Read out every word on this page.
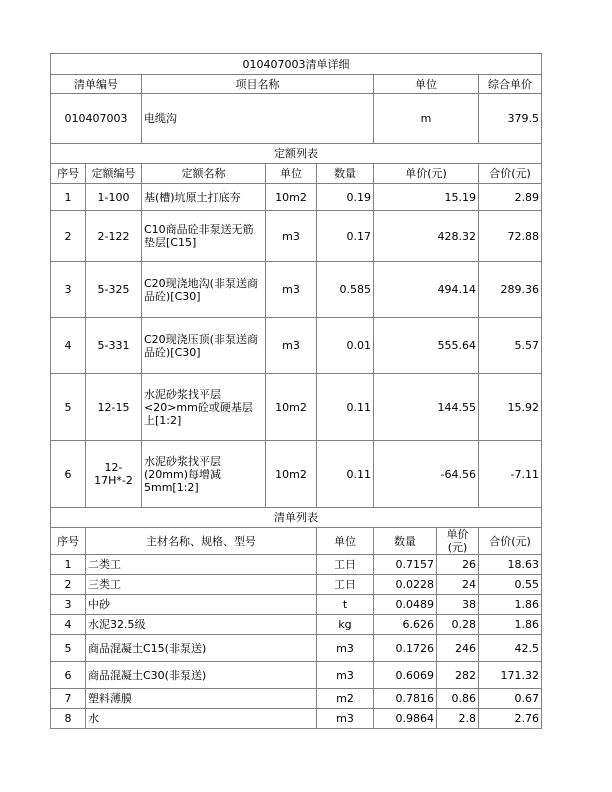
010407003清单详细							
清单编号		项目名称			单位		综合单价
010407003		电缆沟			m		379.5
定额列表							
序号	定额编号	定额名称	单位	数量	单价(元)		合价(元)
1	1-100	基(槽)坑原土打底夯	10m2	0.19	15.19		2.89
2	2-122	C10商品砼非泵送无筋垫层[C15]	m3	0.17	428.32		72.88
3	5-325	C20现浇地沟(非泵送商品砼)[C30]	m3	0.585	494.14		289.36
4	5-331	C20现浇压顶(非泵送商品砼)[C30]	m3	0.01	555.64		5.57
5	12-15	水泥砂浆找平层<20>mm砼或硬基层上[1:2]	10m2	0.11	144.55		15.92
6	12-17H*-2	水泥砂浆找平层(20mm)每增减5mm[1:2]	10m2	0.11	-64.56		-7.11
清单列表							
序号	主材名称、规格、型号			单位	数量	单价(元)	合价(元)
1	二类工			工日	0.7157	26	18.63
2	三类工			工日	0.0228	24	0.55
3	中砂			t	0.0489	38	1.86
4	水泥32.5级			kg	6.626	0.28	1.86
5	商品混凝土C15(非泵送)			m3	0.1726	246	42.5
6	商品混凝土C30(非泵送)			m3	0.6069	282	171.32
7	塑料薄膜			m2	0.7816	0.86	0.67
8	水			m3	0.9864	2.8	2.76
